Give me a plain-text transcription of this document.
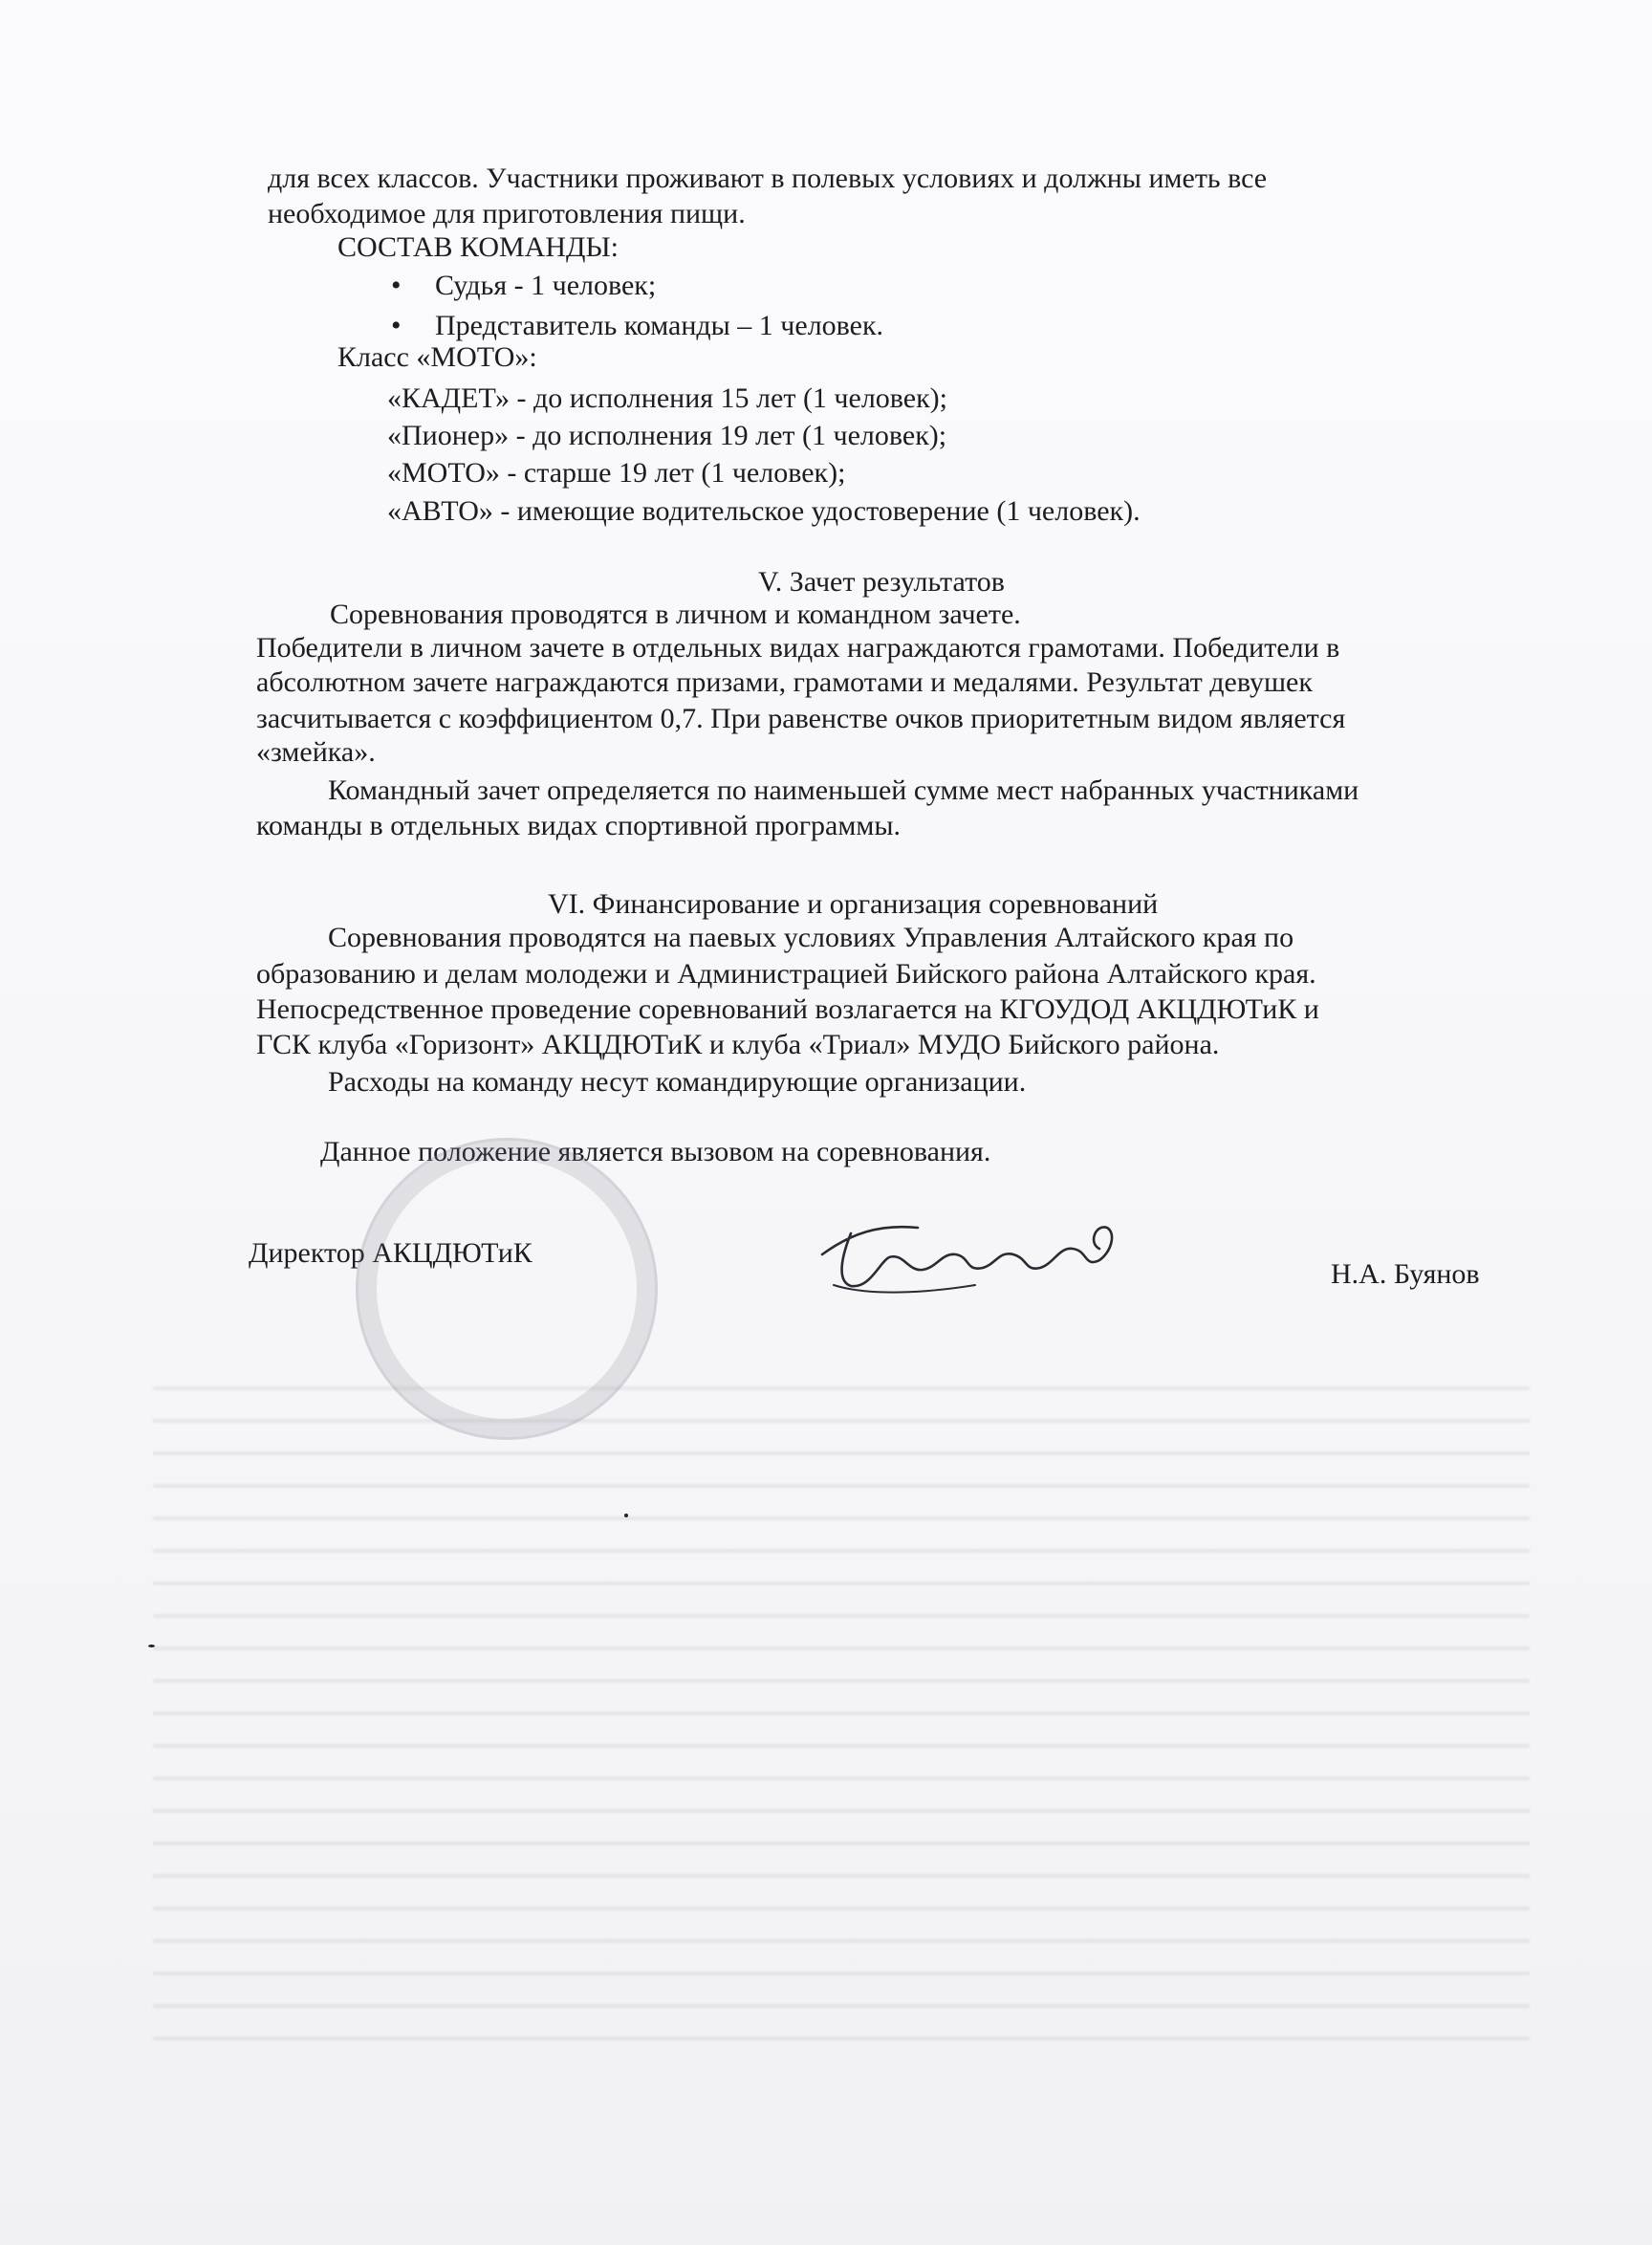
для всех классов. Участники проживают в полевых условиях и должны иметь все
необходимое для приготовления пищи.
СОСТАВ КОМАНДЫ:
• Судья - 1 человек;
• Представитель команды – 1 человек.
Класс «МОТО»:
«КАДЕТ» - до исполнения 15 лет (1 человек);
«Пионер» - до исполнения 19 лет (1 человек);
«МОТО» - старше 19 лет (1 человек);
«АВТО» - имеющие водительское удостоверение (1 человек).
V. Зачет результатов
Соревнования проводятся в личном и командном зачете.
Победители в личном зачете в отдельных видах награждаются грамотами. Победители в
абсолютном зачете награждаются призами, грамотами и медалями. Результат девушек
засчитывается с коэффициентом 0,7. При равенстве очков приоритетным видом является
«змейка».
Командный зачет определяется по наименьшей сумме мест набранных участниками
команды в отдельных видах спортивной программы.
VI. Финансирование и организация соревнований
Соревнования проводятся на паевых условиях Управления Алтайского края по
образованию и делам молодежи и Администрацией Бийского района Алтайского края.
Непосредственное проведение соревнований возлагается на КГОУДОД АКЦДЮТиК и
ГСК клуба «Горизонт» АКЦДЮТиК и клуба «Триал» МУДО Бийского района.
Расходы на команду несут командирующие организации.
Данное положение является вызовом на соревнования.
Директор АКЦДЮТиК
Н.А. Буянов
